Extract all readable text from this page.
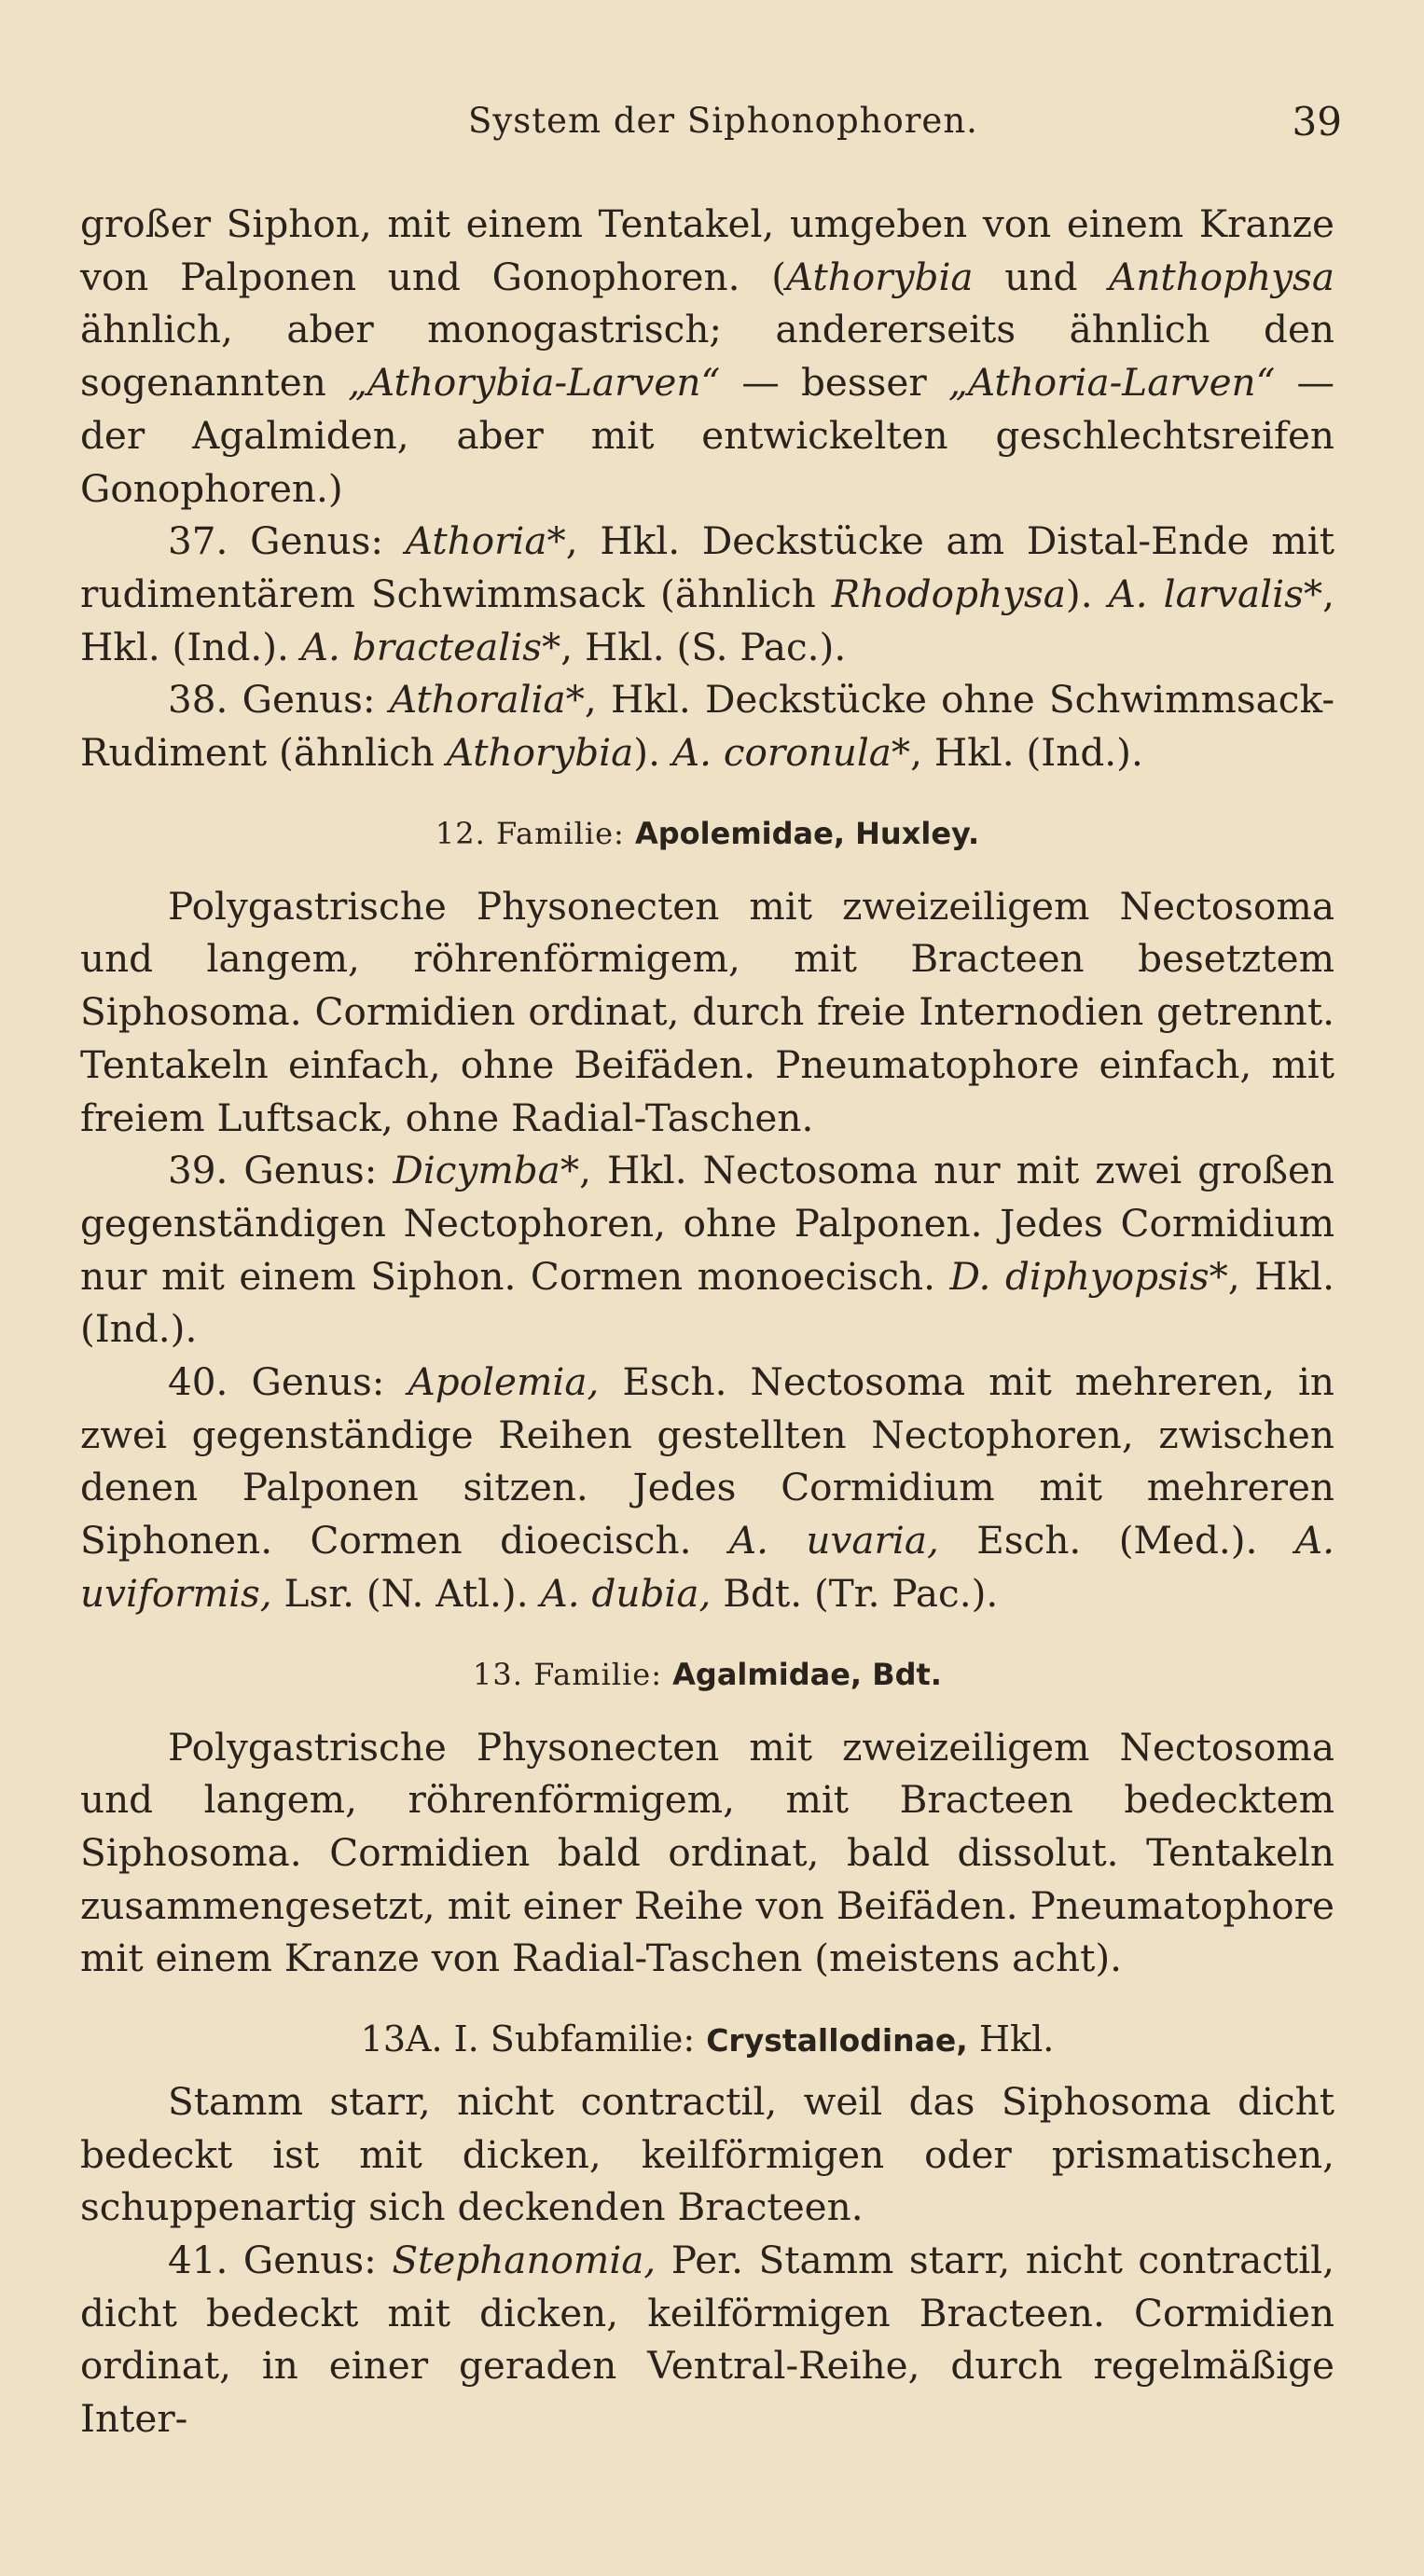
System der Siphonophoren.	39

großer Siphon, mit einem Tentakel, umgeben von einem Kranze von Palponen und Gonophoren. (Athorybia und Anthophysa ähnlich, aber monogastrisch; andererseits ähnlich den sogenannten „Athorybia-Larven“ — besser „Athoria-Larven“ — der Agalmiden, aber mit entwickelten geschlechtsreifen Gonophoren.)

37. Genus: Athoria*, Hkl. Deckstücke am Distal-Ende mit rudimentärem Schwimmsack (ähnlich Rhodophysa). A. larvalis*, Hkl. (Ind.). A. bractealis*, Hkl. (S. Pac.).

38. Genus: Athoralia*, Hkl. Deckstücke ohne Schwimmsack-Rudiment (ähnlich Athorybia). A. coronula*, Hkl. (Ind.).

12. Familie: Apolemidae, Huxley.

Polygastrische Physonecten mit zweizeiligem Nectosoma und langem, röhrenförmigem, mit Bracteen besetztem Siphosoma. Cormidien ordinat, durch freie Internodien getrennt. Tentakeln einfach, ohne Beifäden. Pneumatophore einfach, mit freiem Luftsack, ohne Radial-Taschen.

39. Genus: Dicymba*, Hkl. Nectosoma nur mit zwei großen gegenständigen Nectophoren, ohne Palponen. Jedes Cormidium nur mit einem Siphon. Cormen monoecisch. D. diphyopsis*, Hkl. (Ind.).

40. Genus: Apolemia, Esch. Nectosoma mit mehreren, in zwei gegenständige Reihen gestellten Nectophoren, zwischen denen Palponen sitzen. Jedes Cormidium mit mehreren Siphonen. Cormen dioecisch. A. uvaria, Esch. (Med.). A. uviformis, Lsr. (N. Atl.). A. dubia, Bdt. (Tr. Pac.).

13. Familie: Agalmidae, Bdt.

Polygastrische Physonecten mit zweizeiligem Nectosoma und langem, röhrenförmigem, mit Bracteen bedecktem Siphosoma. Cormidien bald ordinat, bald dissolut. Tentakeln zusammengesetzt, mit einer Reihe von Beifäden. Pneumatophore mit einem Kranze von Radial-Taschen (meistens acht).

13A. I. Subfamilie: Crystallodinae, Hkl.

Stamm starr, nicht contractil, weil das Siphosoma dicht bedeckt ist mit dicken, keilförmigen oder prismatischen, schuppenartig sich deckenden Bracteen.

41. Genus: Stephanomia, Per. Stamm starr, nicht contractil, dicht bedeckt mit dicken, keilförmigen Bracteen. Cormidien ordinat, in einer geraden Ventral-Reihe, durch regelmäßige Inter-
